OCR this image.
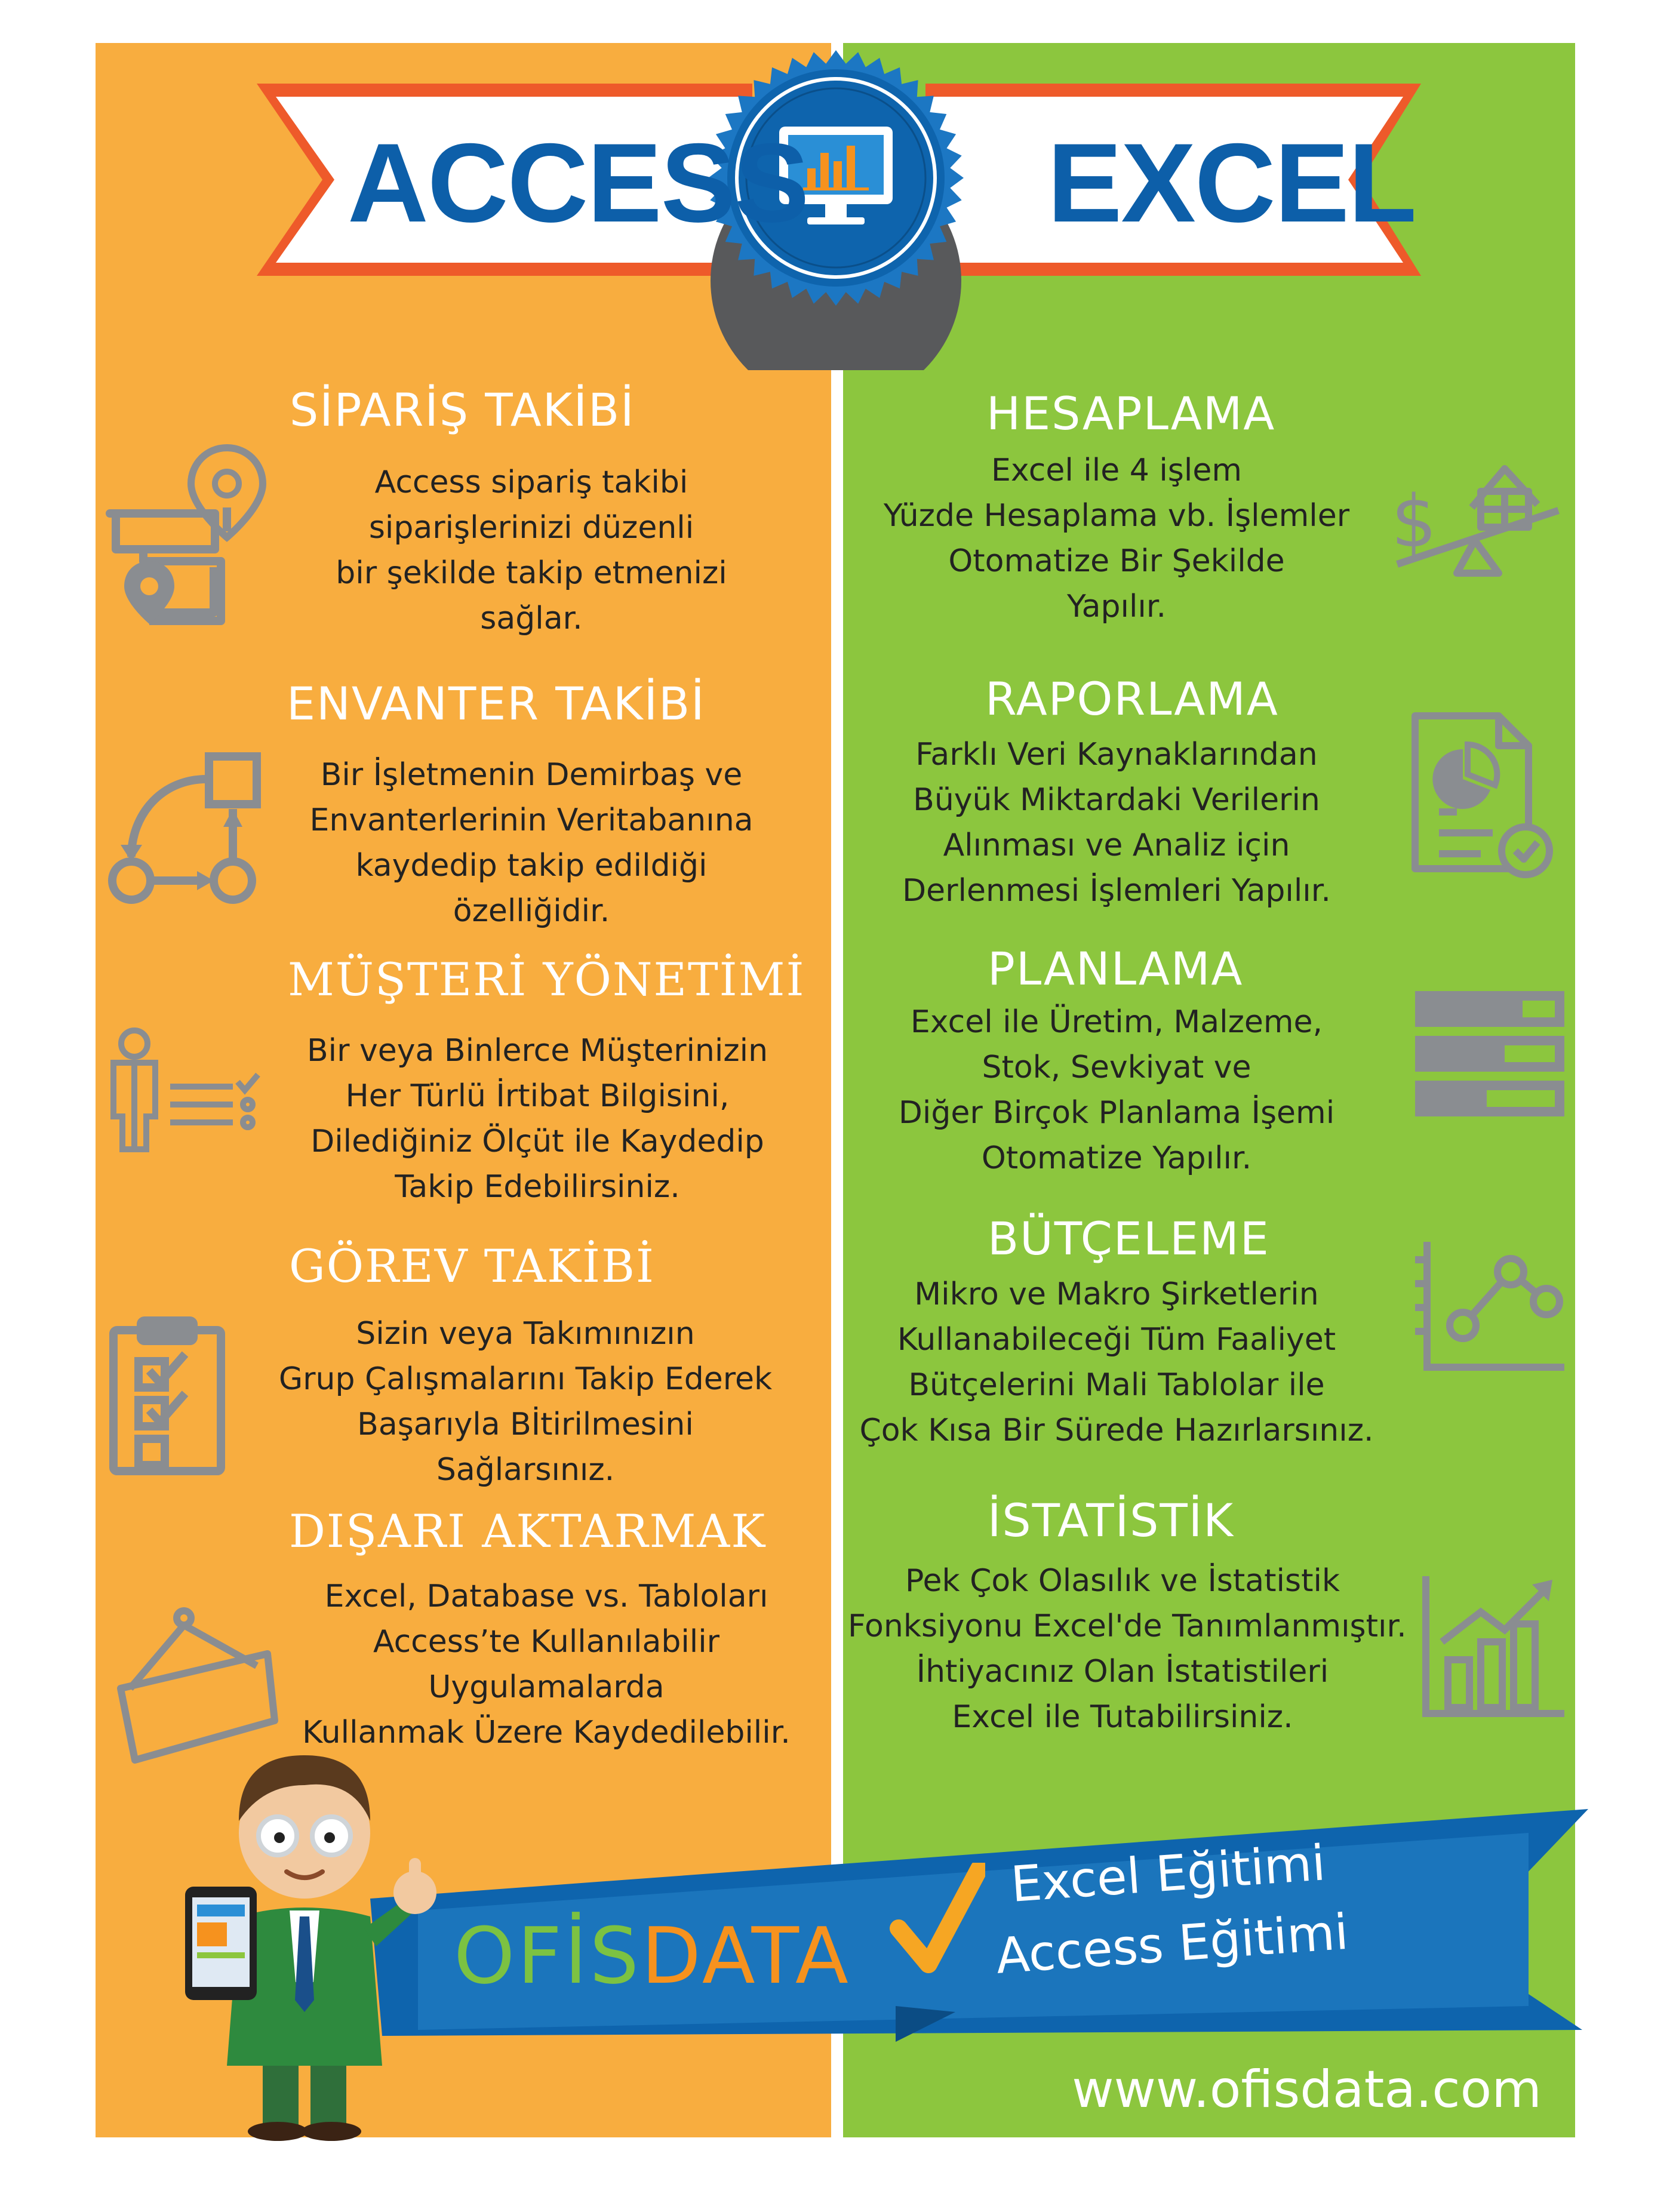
ACCESS EXCEL
SİPARİŞ TAKİBİ
Access sipariş takibi
siparişlerinizi düzenli
bir şekilde takip etmenizi
sağlar.
ENVANTER TAKİBİ
Bir İşletmenin Demirbaş ve
Envanterlerinin Veritabanına
kaydedip takip edildiği
özelliğidir.
MÜŞTERİ YÖNETİMİ
Bir veya Binlerce Müşterinizin
Her Türlü İrtibat Bilgisini,
Dilediğiniz Ölçüt ile Kaydedip
Takip Edebilirsiniz.
GÖREV TAKİBİ
Sizin veya Takımınızın
Grup Çalışmalarını Takip Ederek
Başarıyla Bİtirilmesini
Sağlarsınız.
DIŞARI AKTARMAK
Excel, Database vs. Tabloları
Access’te Kullanılabilir
Uygulamalarda
Kullanmak Üzere Kaydedilebilir.
HESAPLAMA
Excel ile 4 işlem
Yüzde Hesaplama vb. İşlemler
Otomatize Bir Şekilde
Yapılır.
$
RAPORLAMA
Farklı Veri Kaynaklarından
Büyük Miktardaki Verilerin
Alınması ve Analiz için
Derlenmesi İşlemleri Yapılır.
PLANLAMA
Excel ile Üretim, Malzeme,
Stok, Sevkiyat ve
Diğer Birçok Planlama İşemi
Otomatize Yapılır.
BÜTÇELEME
Mikro ve Makro Şirketlerin
Kullanabileceği Tüm Faaliyet
Bütçelerini Mali Tablolar ile
Çok Kısa Bir Sürede Hazırlarsınız.
İSTATİSTİK
Pek Çok Olasılık ve İstatistik
Fonksiyonu Excel'de Tanımlanmıştır.
İhtiyacınız Olan İstatistileri
Excel ile Tutabilirsiniz.
OFİSDATA
Excel Eğitimi
Access Eğitimi
www.ofisdata.com
